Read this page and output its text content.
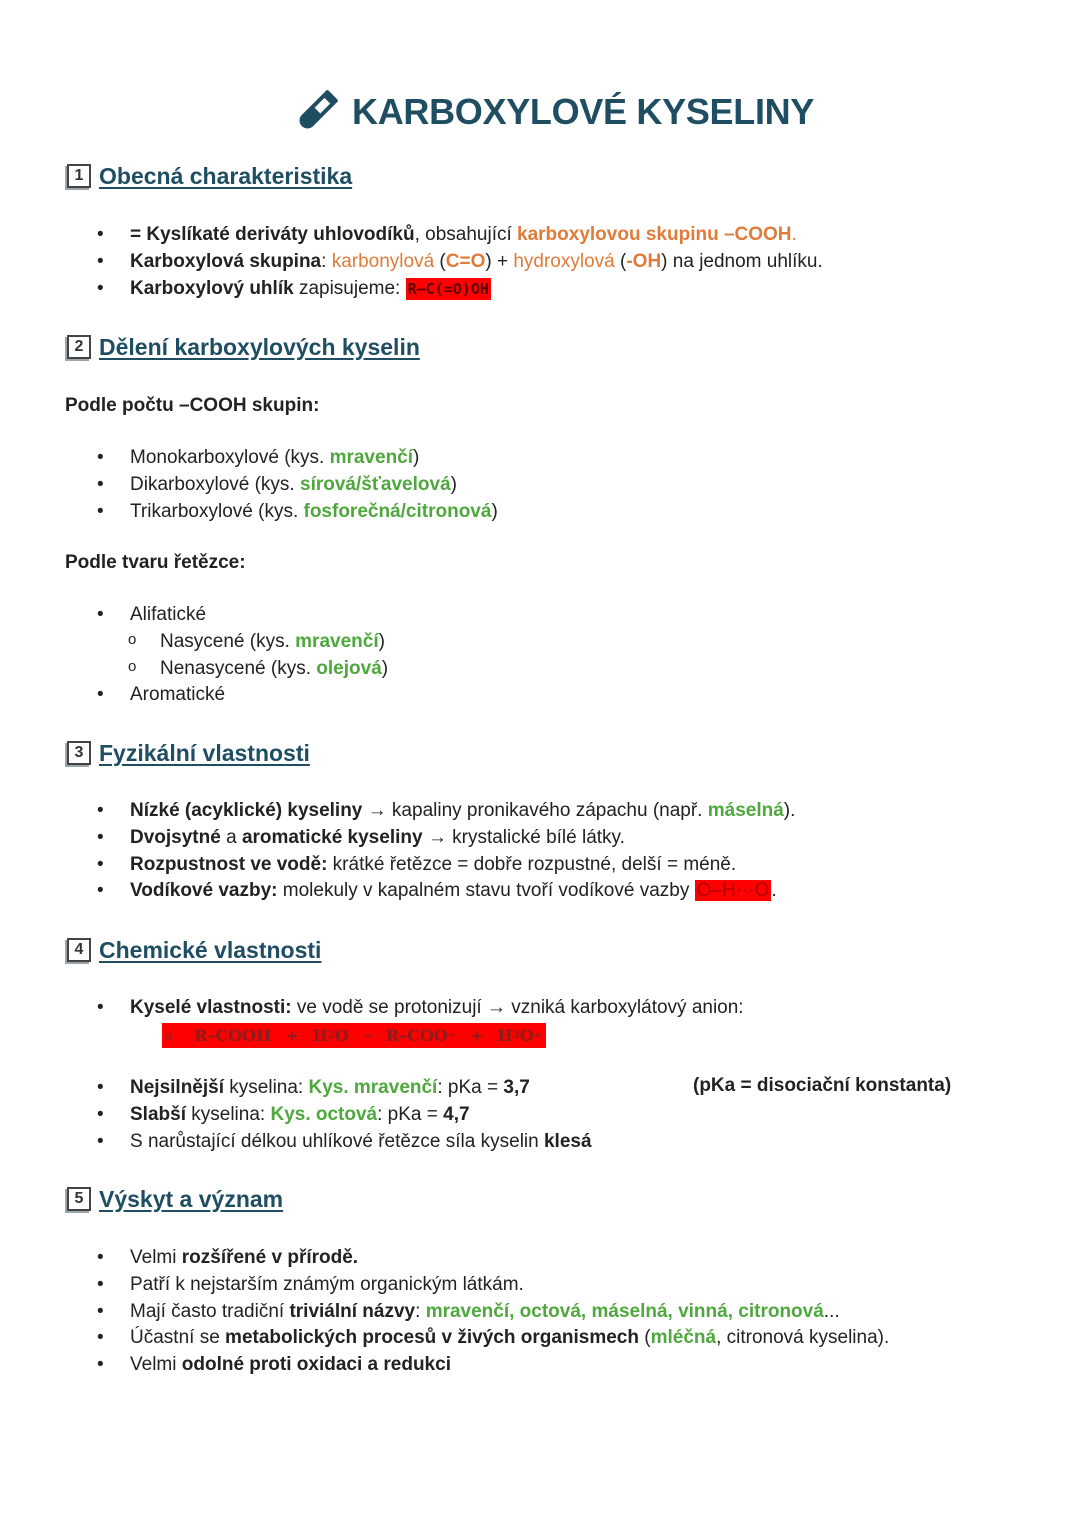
KARBOXYLOVÉ KYSELINY
1 Obecná charakteristika
• = Kyslíkaté deriváty uhlovodíků, obsahující karboxylovou skupinu –COOH.
• Karboxylová skupina: karbonylová (C=O) + hydroxylová (-OH) na jednom uhlíku.
• Karboxylový uhlík zapisujeme: R–C(=O)OH
2 Dělení karboxylových kyselin
Podle počtu –COOH skupin:
• Monokarboxylové (kys. mravenčí)
• Dikarboxylové (kys. sírová/šťavelová)
• Trikarboxylové (kys. fosforečná/citronová)
Podle tvaru řetězce:
• Alifatické
o Nasycené (kys. mravenčí)
o Nenasycené (kys. olejová)
• Aromatické
3 Fyzikální vlastnosti
• Nízké (acyklické) kyseliny → kapaliny pronikavého zápachu (např. máselná).
• Dvojsytné a aromatické kyseliny → krystalické bílé látky.
• Rozpustnost ve vodě: krátké řetězce = dobře rozpustné, delší = méně.
• Vodíkové vazby: molekuly v kapalném stavu tvoří vodíkové vazby O–H···O .
4 Chemické vlastnosti
• Kyselé vlastnosti: ve vodě se protonizují → vzniká karboxylátový anion:
o	R–COOH + H 2 O	→ R–COO − + H 3 O +
• Nejsilnější kyselina: Kys. mravenčí: pKa = 3,7
• Slabší kyselina: Kys. octová: pKa = 4,7
• S narůstající délkou uhlíkové řetězce síla kyselin klesá
(pKa = disociační konstanta)
5 Výskyt a význam
• Velmi rozšířené v přírodě.
• Patří k nejstarším známým organickým látkám.
• Mají často tradiční triviální názvy: mravenčí, octová, máselná, vinná, citronová...
• Účastní se metabolických procesů v živých organismech (mléčná, citronová kyselina).
• Velmi odolné proti oxidaci a redukci
